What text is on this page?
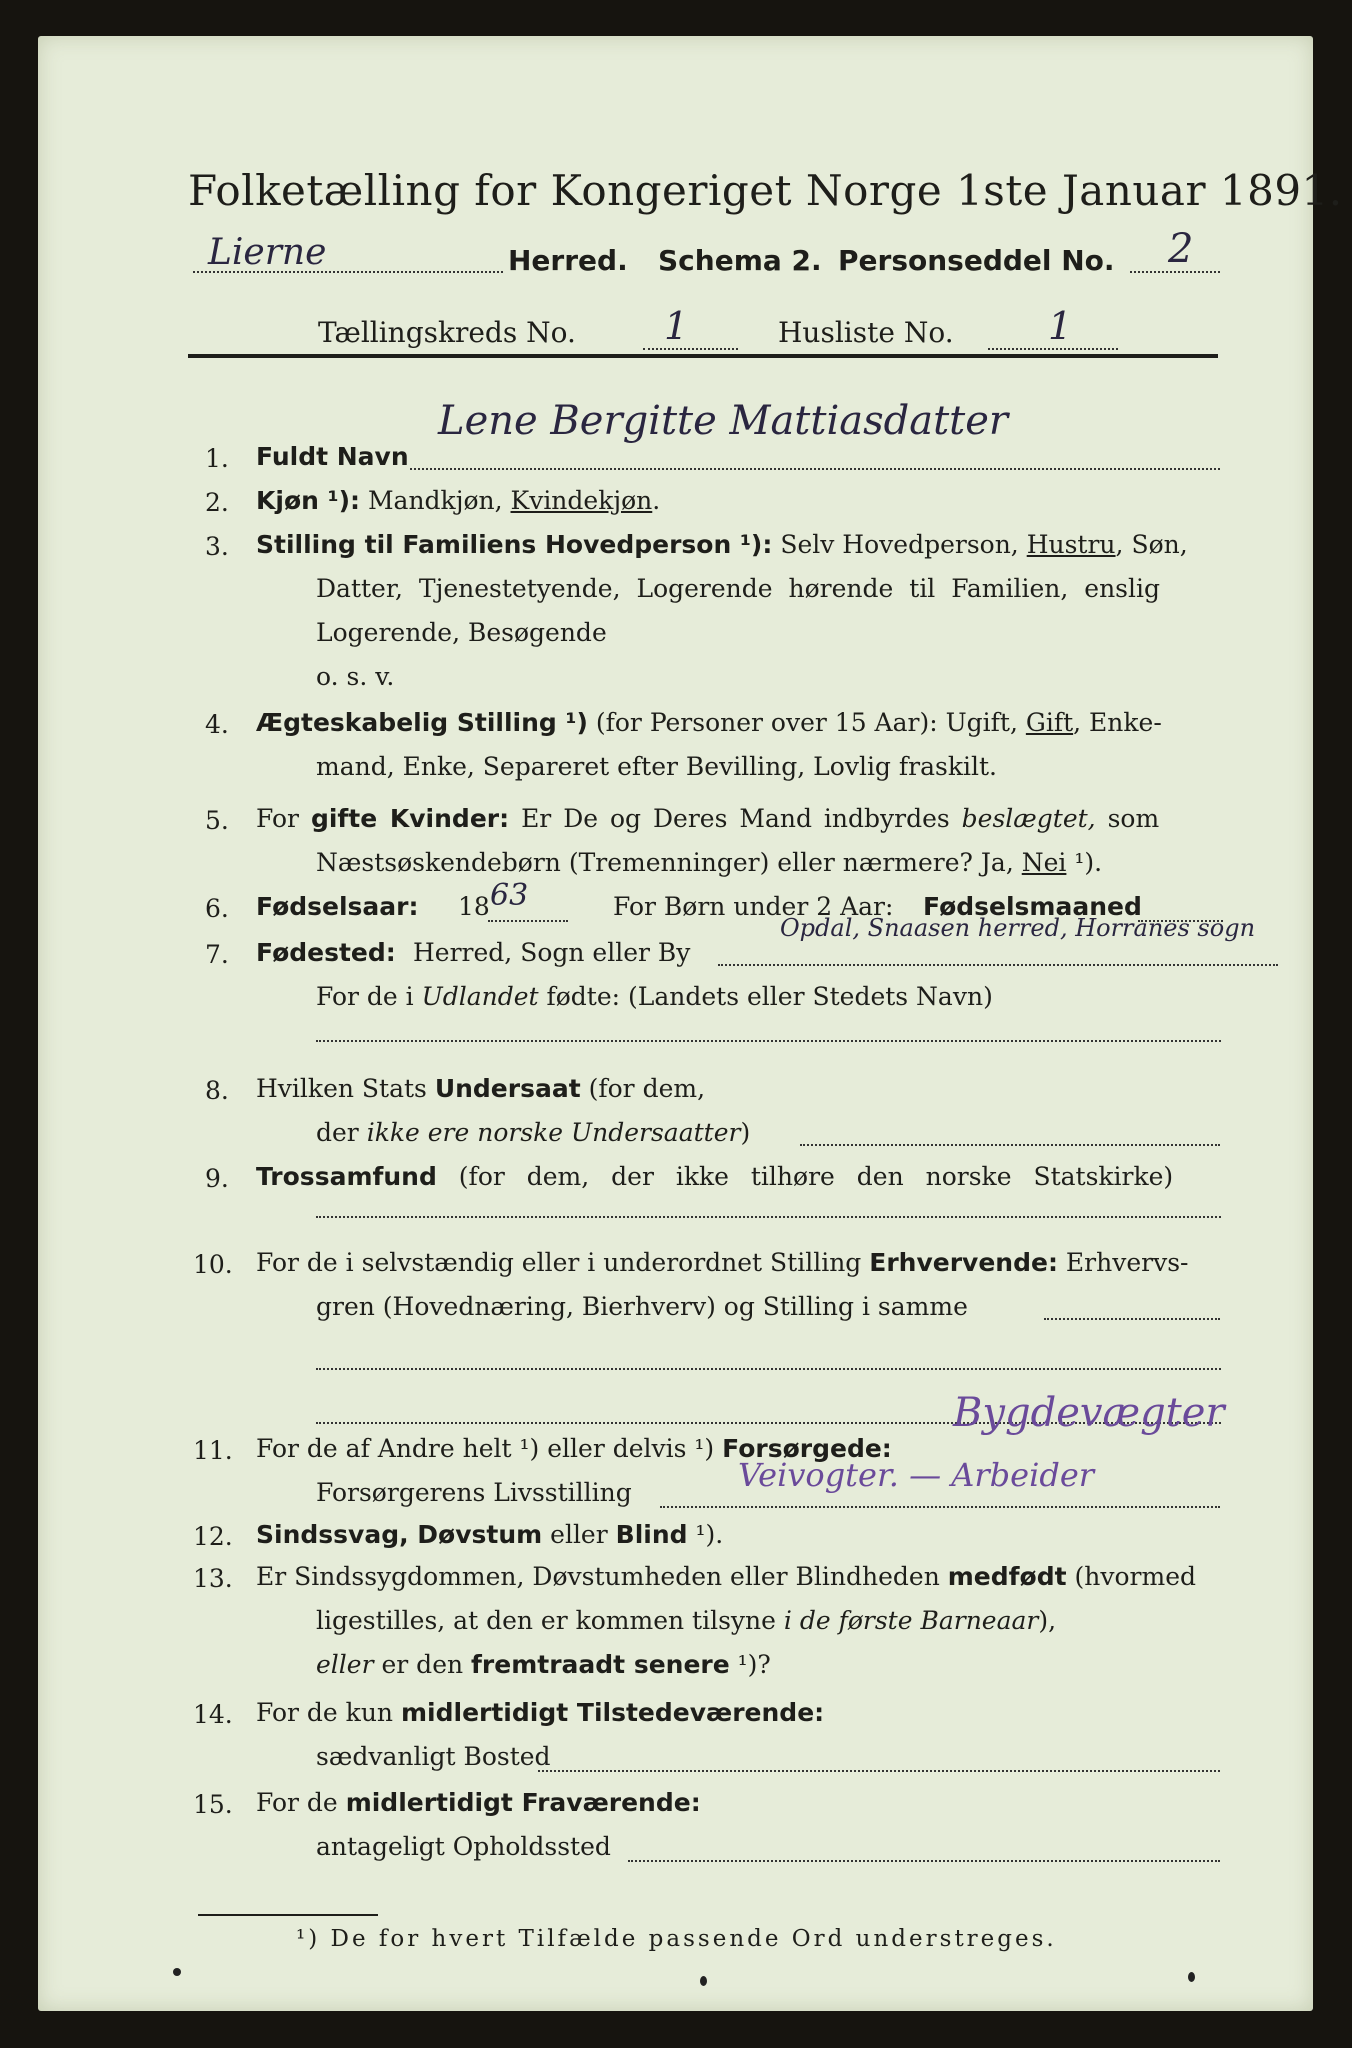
Folketælling for Kongeriget Norge 1ste Januar 1891.
Lierne	Herred. Schema 2. Personseddel No. 2
Tællingskreds No. 1	Husliste No. 1
1. Fuldt Navn
Lene Bergitte Mattiasdatter
2. Kjøn ¹): Mandkjøn, Kvindekjøn.
3. Stilling til Familiens Hovedperson ¹): Selv Hovedperson, Hustru, Søn,
Datter, Tjenestetyende, Logerende hørende til Familien, enslig
Logerende, Besøgende
o. s. v.
4. Ægteskabelig Stilling ¹) (for Personer over 15 Aar): Ugift, Gift, Enke-
mand, Enke, Separeret efter Bevilling, Lovlig fraskilt.
5. For gifte Kvinder: Er De og Deres Mand indbyrdes beslægtet, som
Næstsøskendebørn (Tremenninger) eller nærmere? Ja, Nei ¹).
6. Fødselsaar: 18 63	For Børn under 2 Aar: Fødselsmaaned
7. Fødested: Herred, Sogn eller By
Opdal, Snaasen herred, Horranes sogn
For de i Udlandet fødte: (Landets eller Stedets Navn)
8. Hvilken Stats Undersaat (for dem,
der ikke ere norske Undersaatter)
9. Trossamfund (for dem, der ikke tilhøre den norske Statskirke)
10. For de i selvstændig eller i underordnet Stilling Erhvervende: Erhvervs-
gren (Hovednæring, Bierhverv) og Stilling i samme
11. For de af Andre helt ¹) eller delvis ¹) Forsørgede:
Bygdevægter
Forsørgerens Livsstilling	Veivogter. — Arbeider
12. Sindssvag, Døvstum eller Blind ¹).
13. Er Sindssygdommen, Døvstumheden eller Blindheden medfødt (hvormed
ligestilles, at den er kommen tilsyne i de første Barneaar),
eller er den fremtraadt senere ¹)?
14. For de kun midlertidigt Tilstedeværende:
sædvanligt Bosted
15. For de midlertidigt Fraværende:
antageligt Opholdssted
¹) De for hvert Tilfælde passende Ord understreges.
